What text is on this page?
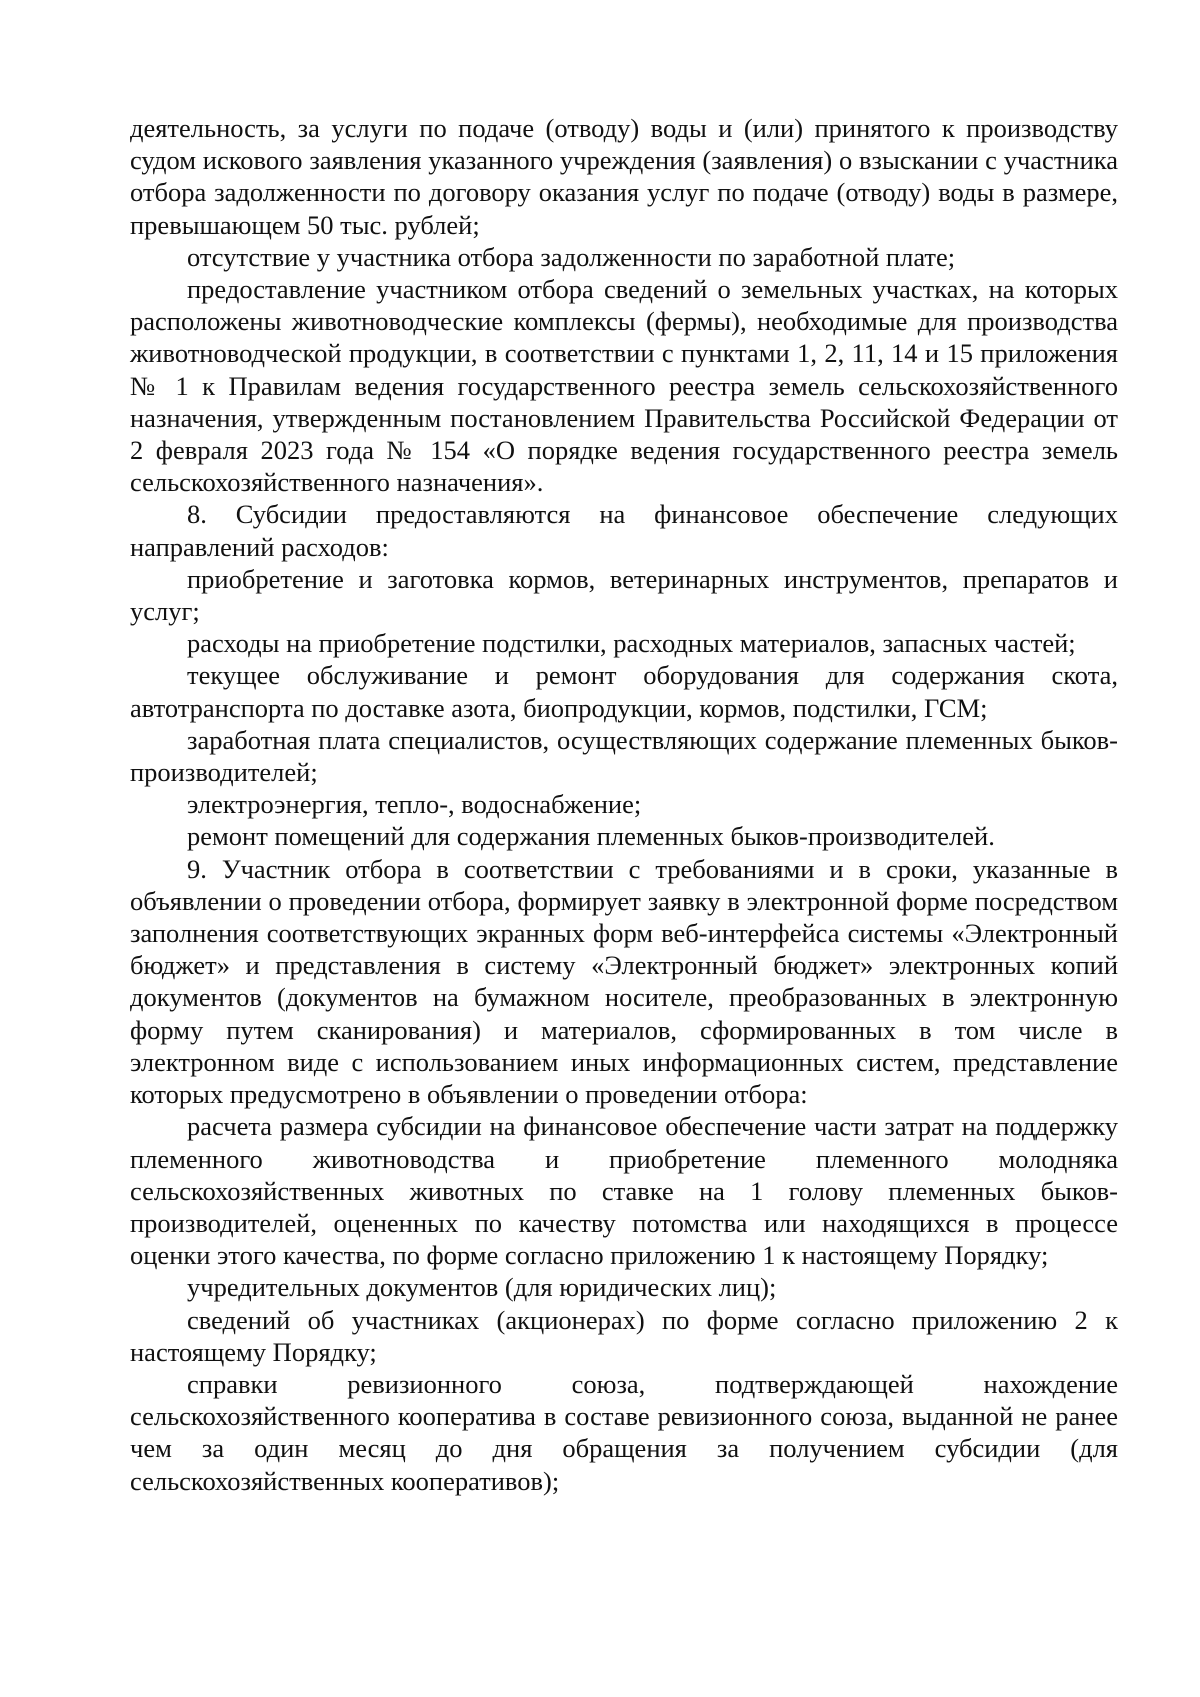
деятельность, за услуги по подаче (отводу) воды и (или) принятого к производству судом искового заявления указанного учреждения (заявления) о взыскании с участника отбора задолженности по договору оказания услуг по подаче (отводу) воды в размере, превышающем 50 тыс. рублей;

отсутствие у участника отбора задолженности по заработной плате;

предоставление участником отбора сведений о земельных участках, на которых расположены животноводческие комплексы (фермы), необходимые для производства животноводческой продукции, в соответствии с пунктами 1, 2, 11, 14 и 15 приложения № 1 к Правилам ведения государственного реестра земель сельскохозяйственного назначения, утвержденным постановлением Правительства Российской Федерации от 2 февраля 2023 года № 154 «О порядке ведения государственного реестра земель сельскохозяйственного назначения».

8. Субсидии предоставляются на финансовое обеспечение следующих направлений расходов:

приобретение и заготовка кормов, ветеринарных инструментов, препаратов и услуг;

расходы на приобретение подстилки, расходных материалов, запасных частей;

текущее обслуживание и ремонт оборудования для содержания скота, автотранспорта по доставке азота, биопродукции, кормов, подстилки, ГСМ;

заработная плата специалистов, осуществляющих содержание племенных быков-производителей;

электроэнергия, тепло-, водоснабжение;

ремонт помещений для содержания племенных быков-производителей.

9. Участник отбора в соответствии с требованиями и в сроки, указанные в объявлении о проведении отбора, формирует заявку в электронной форме посредством заполнения соответствующих экранных форм веб-интерфейса системы «Электронный бюджет» и представления в систему «Электронный бюджет» электронных копий документов (документов на бумажном носителе, преобразованных в электронную форму путем сканирования) и материалов, сформированных в том числе в электронном виде с использованием иных информационных систем, представление которых предусмотрено в объявлении о проведении отбора:

расчета размера субсидии на финансовое обеспечение части затрат на поддержку племенного животноводства и приобретение племенного молодняка сельскохозяйственных животных по ставке на 1 голову племенных быков-производителей, оцененных по качеству потомства или находящихся в процессе оценки этого качества, по форме согласно приложению 1 к настоящему Порядку;

учредительных документов (для юридических лиц);

сведений об участниках (акционерах) по форме согласно приложению 2 к настоящему Порядку;

справки ревизионного союза, подтверждающей нахождение сельскохозяйственного кооператива в составе ревизионного союза, выданной не ранее чем за один месяц до дня обращения за получением субсидии (для сельскохозяйственных кооперативов);
